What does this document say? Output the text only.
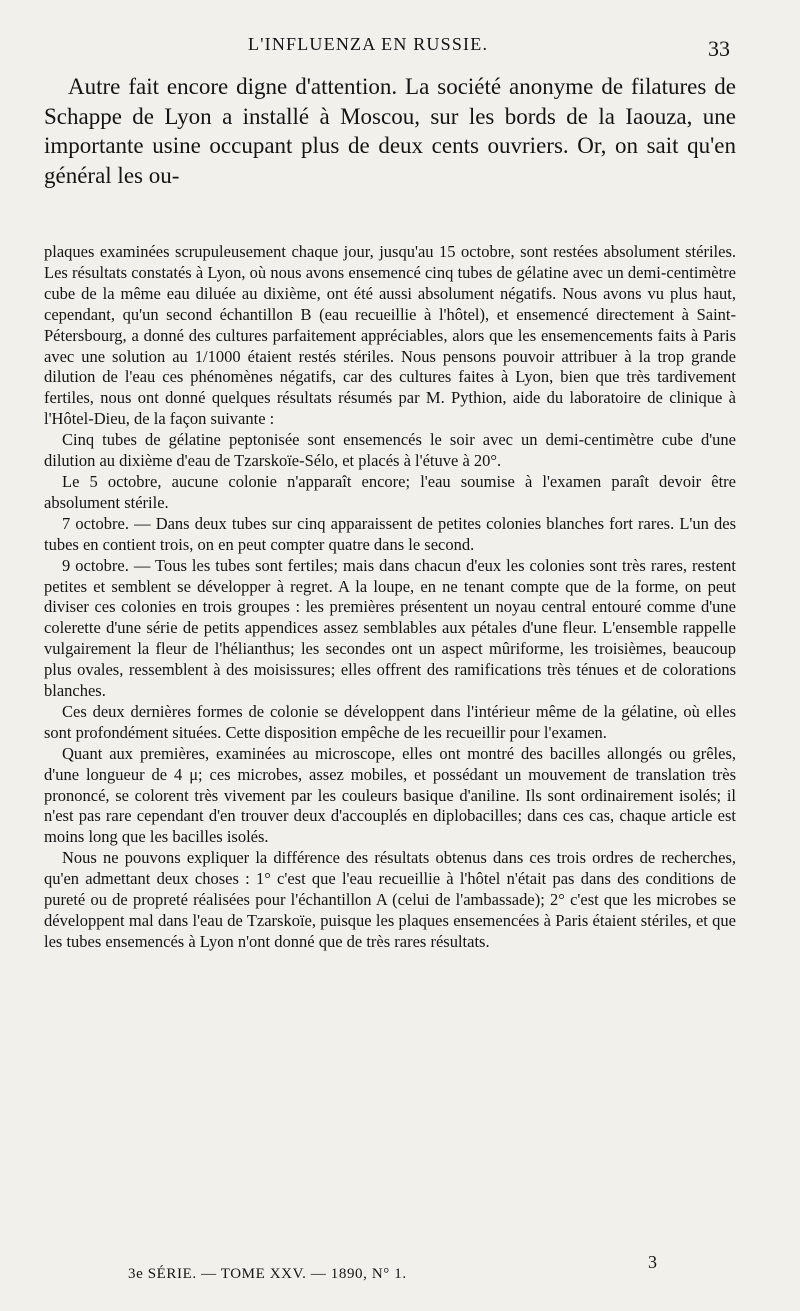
L'INFLUENZA EN RUSSIE.	33

Autre fait encore digne d'attention. La société anonyme de filatures de Schappe de Lyon a installé à Moscou, sur les bords de la Iaouza, une importante usine occupant plus de deux cents ouvriers. Or, on sait qu'en général les ou-

plaques examinées scrupuleusement chaque jour, jusqu'au 15 octobre, sont restées absolument stériles. Les résultats constatés à Lyon, où nous avons ensemencé cinq tubes de gélatine avec un demi-centimètre cube de la même eau diluée au dixième, ont été aussi absolument négatifs. Nous avons vu plus haut, cependant, qu'un second échantillon B (eau recueillie à l'hôtel), et ensemencé directement à Saint-Pétersbourg, a donné des cultures parfaitement appréciables, alors que les ensemencements faits à Paris avec une solution au 1/1000 étaient restés stériles. Nous pensons pouvoir attribuer à la trop grande dilution de l'eau ces phénomènes négatifs, car des cultures faites à Lyon, bien que très tardivement fertiles, nous ont donné quelques résultats résumés par M. Pythion, aide du laboratoire de clinique à l'Hôtel-Dieu, de la façon suivante :

Cinq tubes de gélatine peptonisée sont ensemencés le soir avec un demi-centimètre cube d'une dilution au dixième d'eau de Tzarskoïe-Sélo, et placés à l'étuve à 20°.

Le 5 octobre, aucune colonie n'apparaît encore; l'eau soumise à l'examen paraît devoir être absolument stérile.

7 octobre. — Dans deux tubes sur cinq apparaissent de petites colonies blanches fort rares. L'un des tubes en contient trois, on en peut compter quatre dans le second.

9 octobre. — Tous les tubes sont fertiles; mais dans chacun d'eux les colonies sont très rares, restent petites et semblent se développer à regret. A la loupe, en ne tenant compte que de la forme, on peut diviser ces colonies en trois groupes : les premières présentent un noyau central entouré comme d'une colerette d'une série de petits appendices assez semblables aux pétales d'une fleur. L'ensemble rappelle vulgairement la fleur de l'hélianthus; les secondes ont un aspect mûriforme, les troisièmes, beaucoup plus ovales, ressemblent à des moisissures; elles offrent des ramifications très ténues et de colorations blanches.

Ces deux dernières formes de colonie se développent dans l'intérieur même de la gélatine, où elles sont profondément situées. Cette disposition empêche de les recueillir pour l'examen.

Quant aux premières, examinées au microscope, elles ont montré des bacilles allongés ou grêles, d'une longueur de 4 μ; ces microbes, assez mobiles, et possédant un mouvement de translation très prononcé, se colorent très vivement par les couleurs basique d'aniline. Ils sont ordinairement isolés; il n'est pas rare cependant d'en trouver deux d'accouplés en diplobacilles; dans ces cas, chaque article est moins long que les bacilles isolés.

Nous ne pouvons expliquer la différence des résultats obtenus dans ces trois ordres de recherches, qu'en admettant deux choses : 1° c'est que l'eau recueillie à l'hôtel n'était pas dans des conditions de pureté ou de propreté réalisées pour l'échantillon A (celui de l'ambassade); 2° c'est que les microbes se développent mal dans l'eau de Tzarskoïe, puisque les plaques ensemencées à Paris étaient stériles, et que les tubes ensemencés à Lyon n'ont donné que de très rares résultats.

3e SÉRIE. — TOME XXV. — 1890, N° 1.
3
